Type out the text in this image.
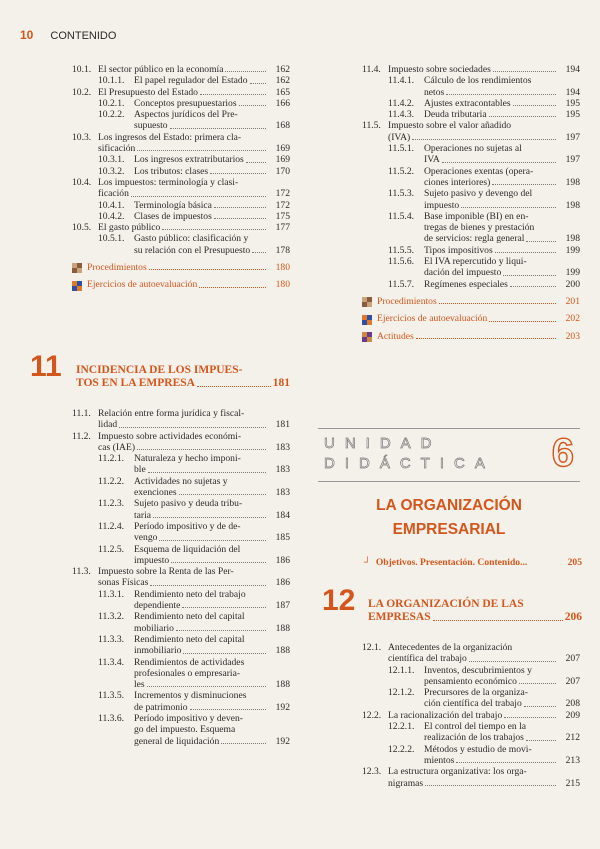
10 CONTENIDO
10.1. El sector público en la economía	162
10.1.1.	El papel regulador del Estado	162
10.2. El Presupuesto del Estado	165
10.2.1.	Conceptos presupuestarios	166
10.2.2.	Aspectos jurídicos del Pre-
supuesto	168
10.3. Los ingresos del Estado: primera cla-
sificación	169
10.3.1.	Los ingresos extratributarios	169
10.3.2.	Los tributos: clases	170
10.4. Los impuestos: terminología y clasi-
ficación	172
10.4.1.	Terminología básica	172
10.4.2.	Clases de impuestos	175
10.5. El gasto público	177
10.5.1.	Gasto público: clasificación y
su relación con el Presupuesto	178
Procedimientos	180
Ejercicios de autoevaluación	180
11 INCIDENCIA DE LOS IMPUES-
TOS EN LA EMPRESA	181
11.1. Relación entre forma jurídica y fiscal-
lidad	181
11.2. Impuesto sobre actividades económi-
cas (IAE)	183
11.2.1.	Naturaleza y hecho imponi-
ble	183
11.2.2.	Actividades no sujetas y
exenciones	183
11.2.3.	Sujeto pasivo y deuda tribu-
taria	184
11.2.4.	Período impositivo y de de-
vengo	185
11.2.5.	Esquema de liquidación del
impuesto	186
11.3. Impuesto sobre la Renta de las Per-
sonas Físicas	186
11.3.1.	Rendimiento neto del trabajo
dependiente	187
11.3.2.	Rendimiento neto del capital
mobiliario	188
11.3.3.	Rendimiento neto del capital
inmobiliario	188
11.3.4.	Rendimientos de actividades
profesionales o empresaria-
les	188
11.3.5.	Incrementos y disminuciones
de patrimonio	192
11.3.6.	Período impositivo y deven-
go del impuesto. Esquema
general de liquidación	192
11.4. Impuesto sobre sociedades	194
11.4.1.	Cálculo de los rendimientos
netos	194
11.4.2.	Ajustes extracontables	195
11.4.3.	Deuda tributaria	195
11.5. Impuesto sobre el valor añadido
(IVA)	197
11.5.1.	Operaciones no sujetas al
IVA	197
11.5.2.	Operaciones exentas (opera-
ciones interiores)	198
11.5.3.	Sujeto pasivo y devengo del
impuesto	198
11.5.4.	Base imponible (BI) en en-
tregas de bienes y prestación
de servicios: regla general	198
11.5.5.	Tipos impositivos	199
11.5.6.	El IVA repercutido y liqui-
dación del impuesto	199
11.5.7.	Regímenes especiales	200
Procedimientos	201
Ejercicios de autoevaluación	202
Actitudes	203
UNIDAD
DIDÁCTICA 6
LA ORGANIZACIÓN
EMPRESARIAL
┘ Objetivos. Presentación. Contenido...	205
12 LA ORGANIZACIÓN DE LAS
EMPRESAS	206
12.1. Antecedentes de la organización
científica del trabajo	207
12.1.1.	Inventos, descubrimientos y
pensamiento económico	207
12.1.2.	Precursores de la organiza-
ción científica del trabajo	208
12.2. La racionalización del trabajo	209
12.2.1.	El control del tiempo en la
realización de los trabajos	212
12.2.2.	Métodos y estudio de movi-
mientos	213
12.3. La estructura organizativa: los orga-
nigramas	215
